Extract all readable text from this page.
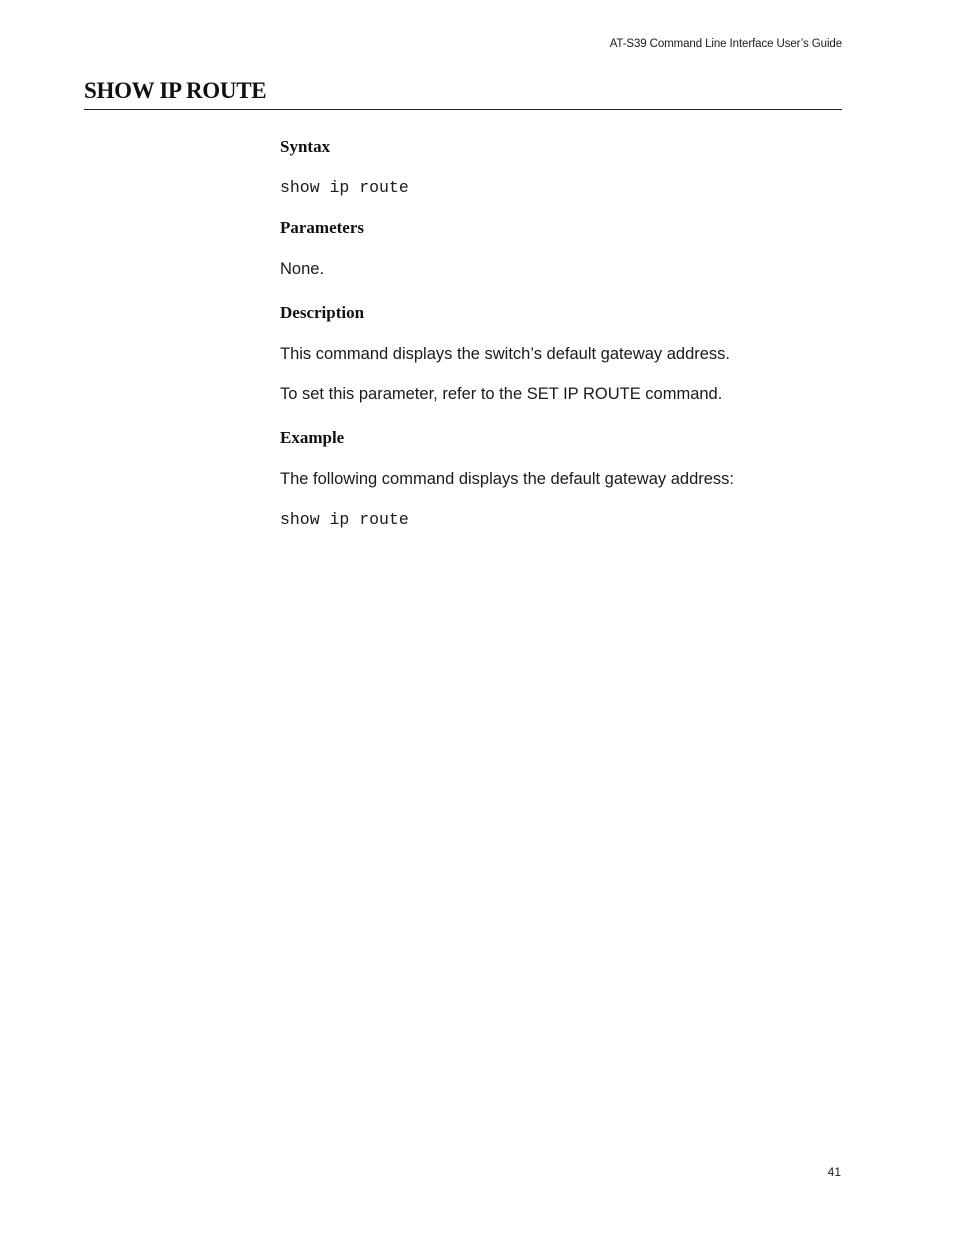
AT-S39 Command Line Interface User’s Guide
SHOW IP ROUTE
Syntax

show ip route

Parameters

None.

Description

This command displays the switch’s default gateway address.

To set this parameter, refer to the SET IP ROUTE command.

Example

The following command displays the default gateway address:

show ip route

41
